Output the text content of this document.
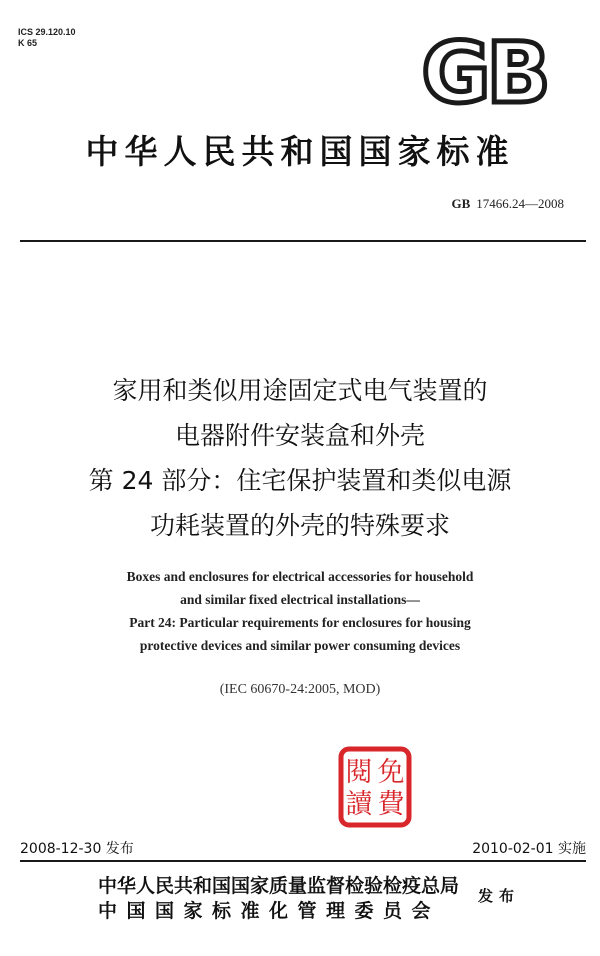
ICS 29.120.10
K 65	GB
中华人民共和国国家标准
GB 17466.24—2008
家用和类似用途固定式电气装置的
电器附件安装盒和外壳
第 24 部分：住宅保护装置和类似电源
功耗装置的外壳的特殊要求
Boxes and enclosures for electrical accessories for household
and similar fixed electrical installations—
Part 24: Particular requirements for enclosures for housing
protective devices and similar power consuming devices
(IEC 60670-24:2005, MOD)
免
費
閱
讀
2008-12-30 发布	2010-02-01 实施
中华人民共和国国家质量监督检验检疫总局
中国国家标准化管理委员会
发布
